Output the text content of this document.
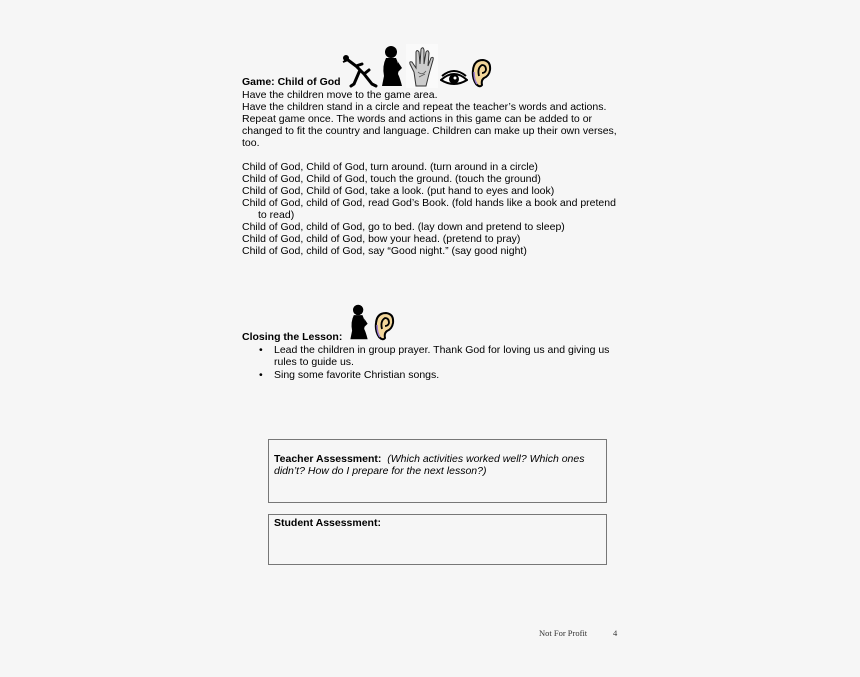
Game: Child of God
Have the children move to the game area.
Have the children stand in a circle and repeat the teacher’s words and actions.
Repeat game once. The words and actions in this game can be added to or
changed to fit the country and language. Children can make up their own verses,
too.
Child of God, Child of God, turn around. (turn around in a circle)
Child of God, Child of God, touch the ground. (touch the ground)
Child of God, Child of God, take a look. (put hand to eyes and look)
Child of God, child of God, read God’s Book. (fold hands like a book and pretend
to read)
Child of God, child of God, go to bed. (lay down and pretend to sleep)
Child of God, child of God, bow your head. (pretend to pray)
Child of God, child of God, say “Good night.” (say good night)
Closing the Lesson:
• Lead the children in group prayer. Thank God for loving us and giving us
rules to guide us.
• Sing some favorite Christian songs.
Teacher Assessment: (Which activities worked well? Which ones
didn’t? How do I prepare for the next lesson?)
Student Assessment:
Not For Profit	4
